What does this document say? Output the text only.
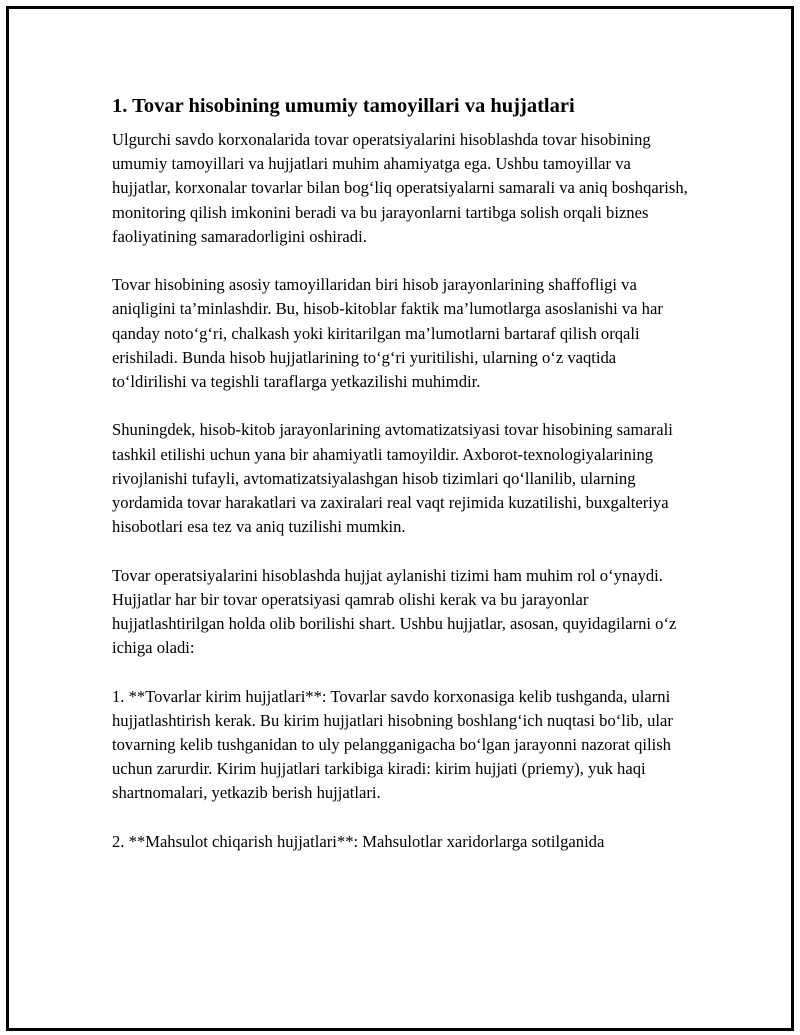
1. Tovar hisobining umumiy tamoyillari va hujjatlari

Ulgurchi savdo korxonalarida tovar operatsiyalarini hisoblashda tovar hisobining umumiy tamoyillari va hujjatlari muhim ahamiyatga ega. Ushbu tamoyillar va hujjatlar, korxonalar tovarlar bilan bog‘liq operatsiyalarni samarali va aniq boshqarish, monitoring qilish imkonini beradi va bu jarayonlarni tartibga solish orqali biznes faoliyatining samaradorligini oshiradi.

Tovar hisobining asosiy tamoyillaridan biri hisob jarayonlarining shaffofligi va aniqligini ta’minlashdir. Bu, hisob-kitoblar faktik ma’lumotlarga asoslanishi va har qanday noto‘g‘ri, chalkash yoki kiritarilgan ma’lumotlarni bartaraf qilish orqali erishiladi. Bunda hisob hujjatlarining to‘g‘ri yuritilishi, ularning o‘z vaqtida to‘ldirilishi va tegishli taraflarga yetkazilishi muhimdir.

Shuningdek, hisob-kitob jarayonlarining avtomatizatsiyasi tovar hisobining samarali tashkil etilishi uchun yana bir ahamiyatli tamoyildir. Axborot-texnologiyalarining rivojlanishi tufayli, avtomatizatsiyalashgan hisob tizimlari qo‘llanilib, ularning yordamida tovar harakatlari va zaxiralari real vaqt rejimida kuzatilishi, buxgalteriya hisobotlari esa tez va aniq tuzilishi mumkin.

Tovar operatsiyalarini hisoblashda hujjat aylanishi tizimi ham muhim rol o‘ynaydi. Hujjatlar har bir tovar operatsiyasi qamrab olishi kerak va bu jarayonlar hujjatlashtirilgan holda olib borilishi shart. Ushbu hujjatlar, asosan, quyidagilarni o‘z ichiga oladi:

1. **Tovarlar kirim hujjatlari**: Tovarlar savdo korxonasiga kelib tushganda, ularni hujjatlashtirish kerak. Bu kirim hujjatlari hisobning boshlang‘ich nuqtasi bo‘lib, ular tovarning kelib tushganidan to uly pelangganigacha bo‘lgan jarayonni nazorat qilish uchun zarurdir. Kirim hujjatlari tarkibiga kiradi: kirim hujjati (priemy), yuk haqi shartnomalari, yetkazib berish hujjatlari.

2. **Mahsulot chiqarish hujjatlari**: Mahsulotlar xaridorlarga sotilganida
